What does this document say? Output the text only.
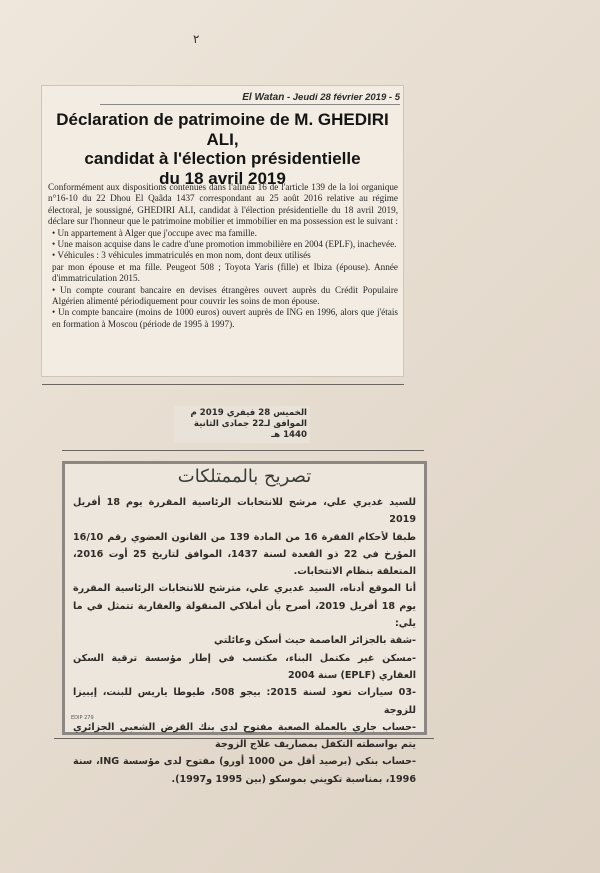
٢
El Watan - Jeudi 28 février 2019 - 5
Déclaration de patrimoine de M. GHEDIRI ALI,
candidat à l'élection présidentielle
du 18 avril 2019

Conformément aux dispositions contenues dans l'alinéa 16 de l'article 139 de la loi organique n°16-10 du 22 Dhou El Qaâda 1437 correspondant au 25 août 2016 relative au régime électoral, je soussigné, GHEDIRI ALI, candidat à l'élection présidentielle du 18 avril 2019, déclare sur l'honneur que le patrimoine mobilier et immobilier en ma possession est le suivant :

• Un appartement à Alger que j'occupe avec ma famille.

• Une maison acquise dans le cadre d'une promotion immobilière en 2004 (EPLF), inachevée.

• Véhicules : 3 véhicules immatriculés en mon nom, dont deux utilisés

par mon épouse et ma fille. Peugeot 508 ; Toyota Yaris (fille) et Ibiza (épouse). Année d'immatriculation 2015.

• Un compte courant bancaire en devises étrangères ouvert auprès du Crédit Populaire Algérien alimenté périodiquement pour couvrir les soins de mon épouse.

• Un compte bancaire (moins de 1000 euros) ouvert auprès de ING en 1996, alors que j'étais en formation à Moscou (période de 1995 à 1997).

الخميس 28 فيفري 2019 م
الموافق لـ22 جمادى الثانية 1440 هـ
تصريح بالممتلكات

للسيد غديري علي، مرشح للانتخابات الرئاسية المقررة يوم 18 أفريل 2019

طبقا لأحكام الفقرة 16 من المادة 139 من القانون العضوي رقم 16/10 المؤرخ في 22 ذو القعدة لسنة 1437، الموافق لتاريخ 25 أوت 2016، المتعلقة بنظام الانتخابات.

أنا الموقع أدناه، السيد غديري علي، مترشح للانتخابات الرئاسية المقررة يوم 18 أفريل 2019، أصرح بأن أملاكي المنقولة والعقارية تتمثل في ما يلي:

-شقة بالجزائر العاصمة حيث أسكن وعائلتي

-مسكن غير مكتمل البناء، مكتسب في إطار مؤسسة ترقية السكن العقاري (EPLF) سنة 2004

-03 سيارات تعود لسنة 2015: بيجو 508، طيوطا ياريس للبنت، إيبيزا للزوجة

-حساب جاري بالعملة الصعبة مفتوح لدى بنك القرض الشعبي الجزائري يتم بواسطته التكفل بمصاريف علاج الزوجة

-حساب بنكي (برصيد أقل من 1000 أورو) مفتوح لدى مؤسسة ING، سنة 1996، بمناسبة تكويني بموسكو (بين 1995 و1997).

EDIP 279
